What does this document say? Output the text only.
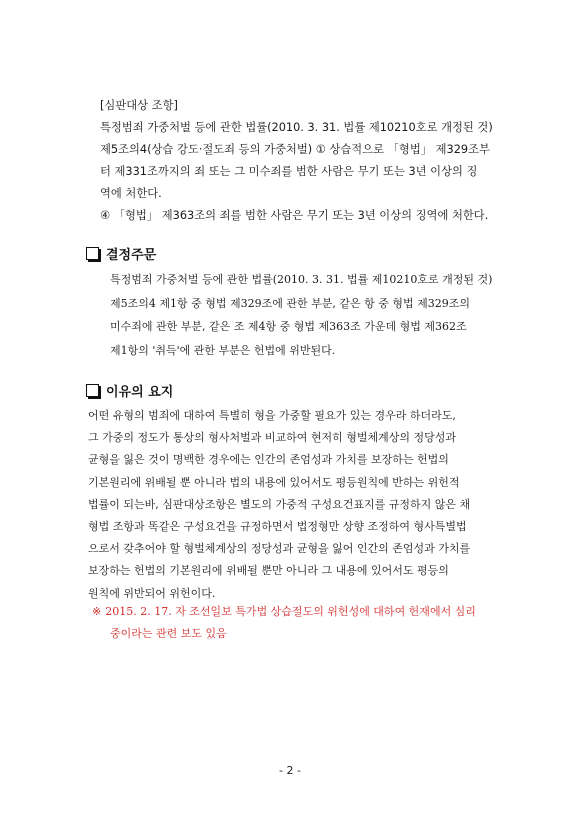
[심판대상 조항]

특정범죄 가중처벌 등에 관한 법률(2010. 3. 31. 법률 제10210호로 개정된 것)

제5조의4(상습 강도·절도죄 등의 가중처벌) ① 상습적으로 「형법」 제329조부

터 제331조까지의 죄 또는 그 미수죄를 범한 사람은 무기 또는 3년 이상의 징

역에 처한다.

④ 「형법」 제363조의 죄를 범한 사람은 무기 또는 3년 이상의 징역에 처한다.

결정주문

특정범죄 가중처벌 등에 관한 법률(2010. 3. 31. 법률 제10210호로 개정된 것)

제5조의4 제1항 중 형법 제329조에 관한 부분, 같은 항 중 형법 제329조의

미수죄에 관한 부분, 같은 조 제4항 중 형법 제363조 가운데 형법 제362조

제1항의 '취득'에 관한 부분은 헌법에 위반된다.

이유의 요지

어떤 유형의 범죄에 대하여 특별히 형을 가중할 필요가 있는 경우라 하더라도,

그 가중의 정도가 통상의 형사처벌과 비교하여 현저히 형벌체계상의 정당성과

균형을 잃은 것이 명백한 경우에는 인간의 존엄성과 가치를 보장하는 헌법의

기본원리에 위배될 뿐 아니라 법의 내용에 있어서도 평등원칙에 반하는 위헌적

법률이 되는바, 심판대상조항은 별도의 가중적 구성요건표지를 규정하지 않은 채

형법 조항과 똑같은 구성요건을 규정하면서 법정형만 상향 조정하여 형사특별법

으로서 갖추어야 할 형벌체계상의 정당성과 균형을 잃어 인간의 존엄성과 가치를

보장하는 헌법의 기본원리에 위배될 뿐만 아니라 그 내용에 있어서도 평등의

원칙에 위반되어 위헌이다.

※ 2015. 2. 17. 자 조선일보 특가법 상습절도의 위헌성에 대하여 헌재에서 심리
중이라는 관련 보도 있음
- 2 -
